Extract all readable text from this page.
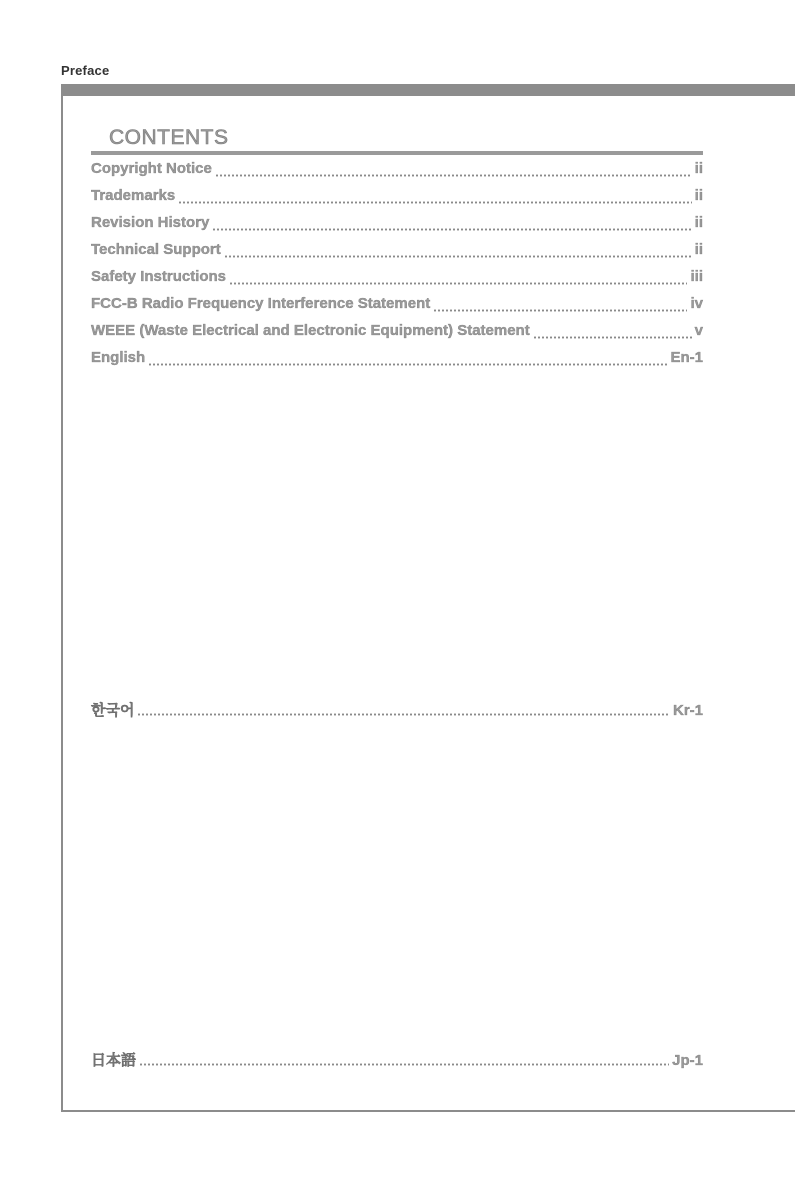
Preface
CONTENTS
Copyright Notice	ii
Trademarks	ii
Revision History	ii
Technical Support	ii
Safety Instructions	iii
FCC-B Radio Frequency Interference Statement	iv
WEEE (Waste Electrical and Electronic Equipment) Statement	v
English	En-1
한국어	Kr-1
日本語	Jp-1
